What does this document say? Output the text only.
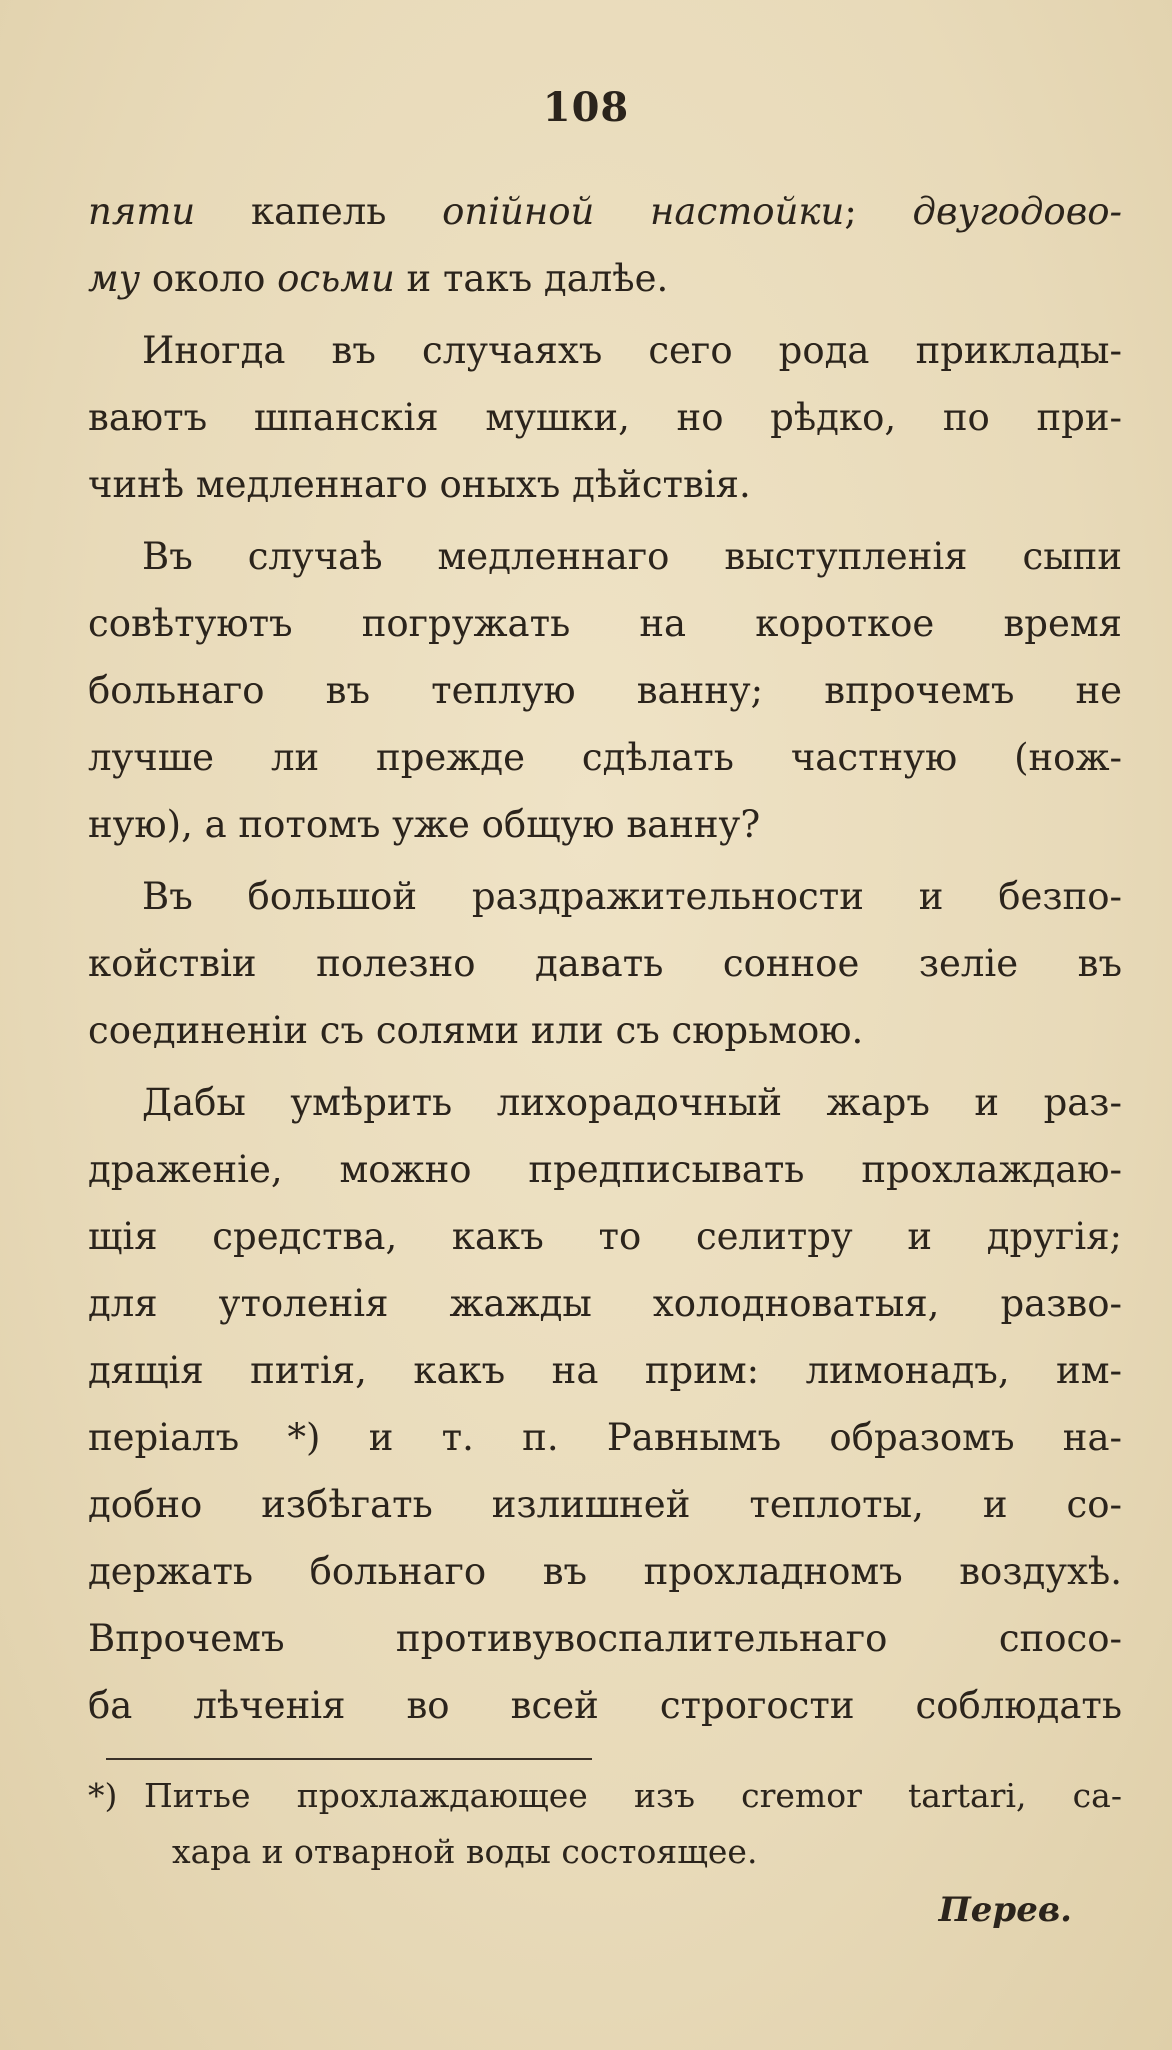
108
пяти капель опійной настойки; двугодово-
му около осьми и такъ далѣе.
Иногда въ случаяхъ сего рода приклады-
ваютъ шпанскія мушки, но рѣдко, по при-
чинѣ медленнаго оныхъ дѣйствія.
Въ случаѣ медленнаго выступленія сыпи
совѣтуютъ погружать на короткое время
больнаго въ теплую ванну; впрочемъ не
лучше ли прежде сдѣлать частную (нож-
ную), а потомъ уже общую ванну?
Въ большой раздражительности и безпо-
койствіи полезно давать сонное зеліе въ
соединеніи съ солями или съ сюрьмою.
Дабы умѣрить лихорадочный жаръ и раз-
драженіе, можно предписывать прохлаждаю-
щія средства, какъ то селитру и другія;
для утоленія жажды холодноватыя, разво-
дящія питія, какъ на прим: лимонадъ, им-
періалъ *) и т. п. Равнымъ образомъ на-
добно избѣгать излишней теплоты, и со-
держать больнаго въ прохладномъ воздухѣ.
Впрочемъ противувоспалительнаго спосо-
ба лѣченія во всей строгости соблюдать
*) Питье прохлаждающее изъ cremor tartari, са-
хара и отварной воды состоящее.
Перев.
